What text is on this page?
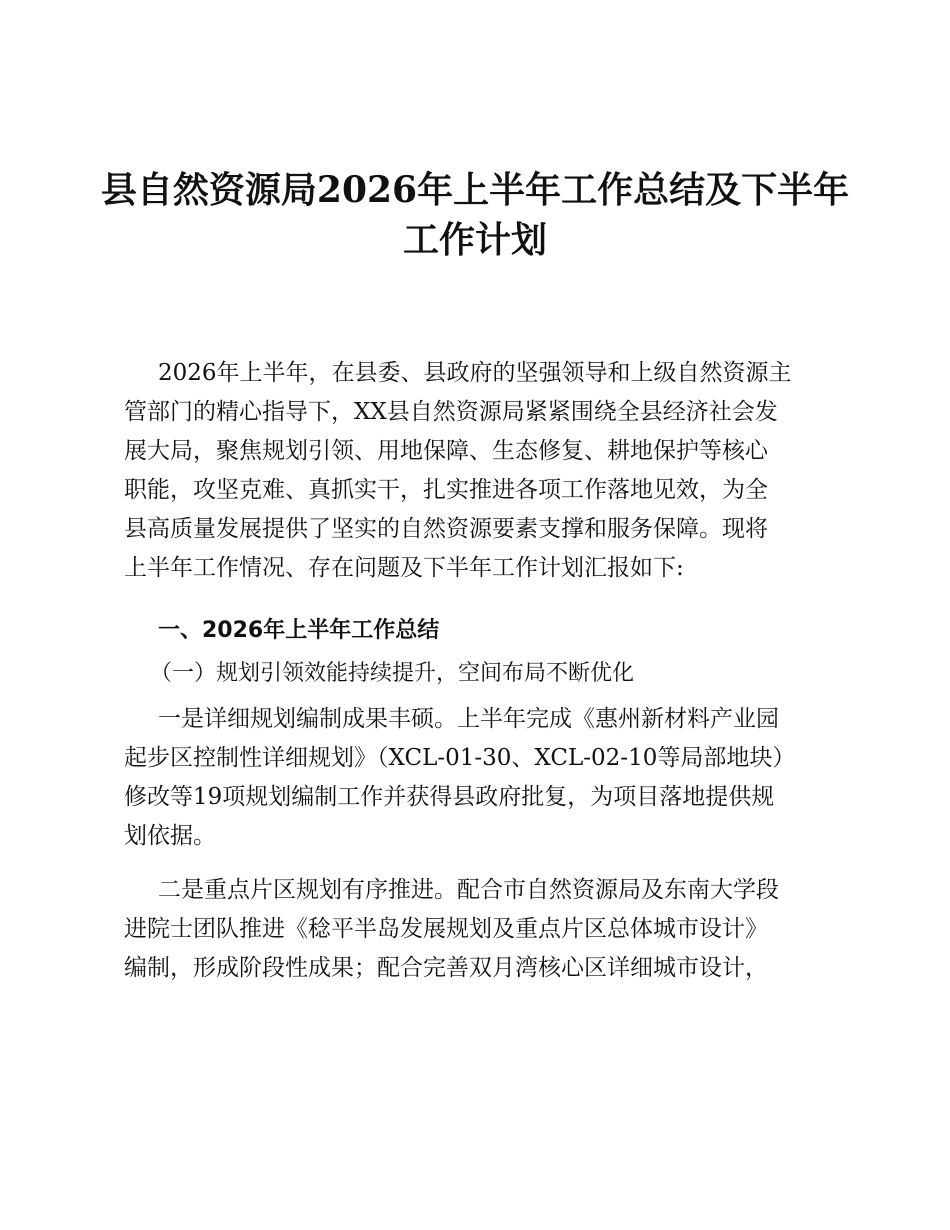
县自然资源局2026年上半年工作总结及下半年
工作计划
2026年上半年，在县委、县政府的坚强领导和上级自然资源主
管部门的精心指导下，XX县自然资源局紧紧围绕全县经济社会发
展大局，聚焦规划引领、用地保障、生态修复、耕地保护等核心
职能，攻坚克难、真抓实干，扎实推进各项工作落地见效，为全
县高质量发展提供了坚实的自然资源要素支撑和服务保障。现将
上半年工作情况、存在问题及下半年工作计划汇报如下:
一、2026年上半年工作总结
（一）规划引领效能持续提升，空间布局不断优化
一是详细规划编制成果丰硕。上半年完成《惠州新材料产业园
起步区控制性详细规划》（XCL-01-30、XCL-02-10等局部地块）
修改等19项规划编制工作并获得县政府批复，为项目落地提供规
划依据。
二是重点片区规划有序推进。配合市自然资源局及东南大学段
进院士团队推进《稔平半岛发展规划及重点片区总体城市设计》
编制，形成阶段性成果；配合完善双月湾核心区详细城市设计，
